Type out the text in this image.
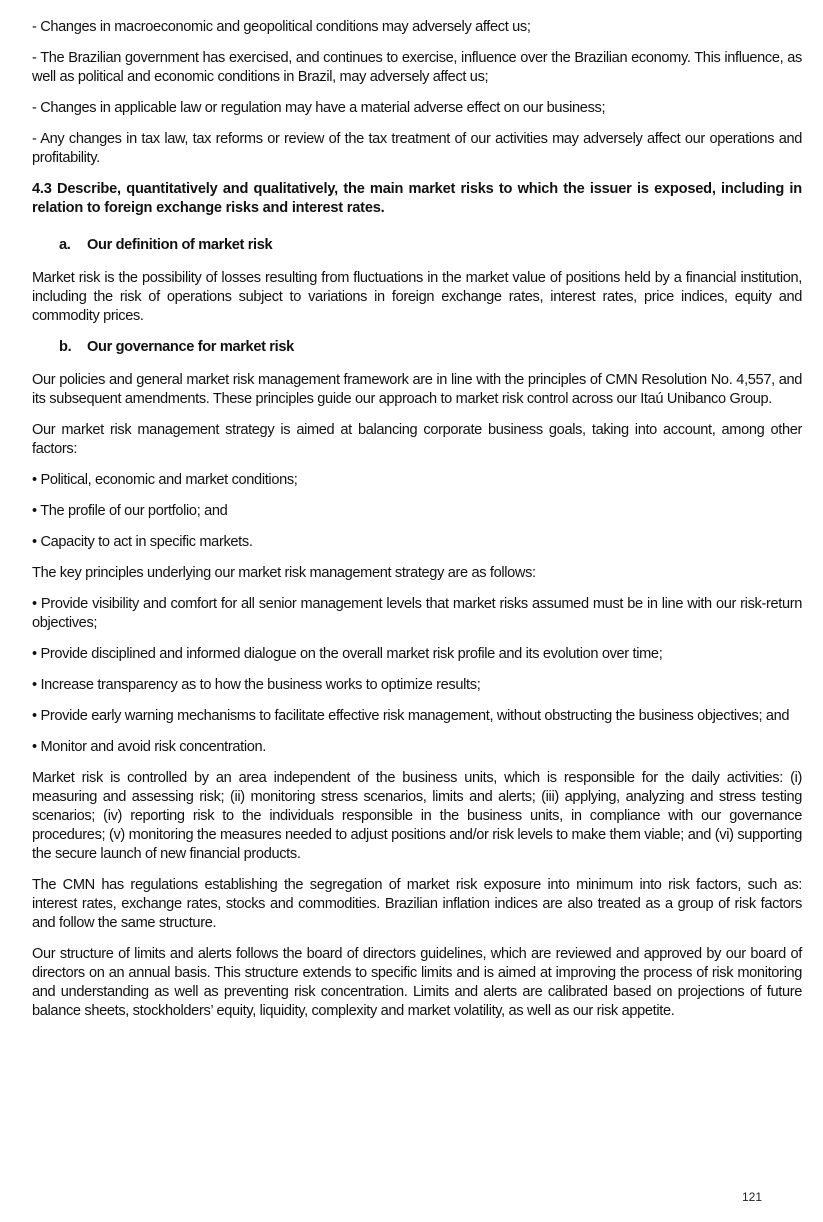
- Changes in macroeconomic and geopolitical conditions may adversely affect us;

- The Brazilian government has exercised, and continues to exercise, influence over the Brazilian economy. This influence, as well as political and economic conditions in Brazil, may adversely affect us;

- Changes in applicable law or regulation may have a material adverse effect on our business;

- Any changes in tax law, tax reforms or review of the tax treatment of our activities may adversely affect our operations and profitability.

4.3 Describe, quantitatively and qualitatively, the main market risks to which the issuer is exposed, including in relation to foreign exchange risks and interest rates.

a.	Our definition of market risk

Market risk is the possibility of losses resulting from fluctuations in the market value of positions held by a financial institution, including the risk of operations subject to variations in foreign exchange rates, interest rates, price indices, equity and commodity prices.

b.	Our governance for market risk

Our policies and general market risk management framework are in line with the principles of CMN Resolution No. 4,557, and its subsequent amendments. These principles guide our approach to market risk control across our Itaú Unibanco Group.

Our market risk management strategy is aimed at balancing corporate business goals, taking into account, among other factors:

• Political, economic and market conditions;

• The profile of our portfolio; and

• Capacity to act in specific markets.

The key principles underlying our market risk management strategy are as follows:

• Provide visibility and comfort for all senior management levels that market risks assumed must be in line with our risk-return objectives;

• Provide disciplined and informed dialogue on the overall market risk profile and its evolution over time;

• Increase transparency as to how the business works to optimize results;

• Provide early warning mechanisms to facilitate effective risk management, without obstructing the business objectives; and

• Monitor and avoid risk concentration.

Market risk is controlled by an area independent of the business units, which is responsible for the daily activities: (i) measuring and assessing risk; (ii) monitoring stress scenarios, limits and alerts; (iii) applying, analyzing and stress testing scenarios; (iv) reporting risk to the individuals responsible in the business units, in compliance with our governance procedures; (v) monitoring the measures needed to adjust positions and/or risk levels to make them viable; and (vi) supporting the secure launch of new financial products.

The CMN has regulations establishing the segregation of market risk exposure into minimum into risk factors, such as: interest rates, exchange rates, stocks and commodities. Brazilian inflation indices are also treated as a group of risk factors and follow the same structure.

Our structure of limits and alerts follows the board of directors guidelines, which are reviewed and approved by our board of directors on an annual basis. This structure extends to specific limits and is aimed at improving the process of risk monitoring and understanding as well as preventing risk concentration. Limits and alerts are calibrated based on projections of future balance sheets, stockholders’ equity, liquidity, complexity and market volatility, as well as our risk appetite.

121
